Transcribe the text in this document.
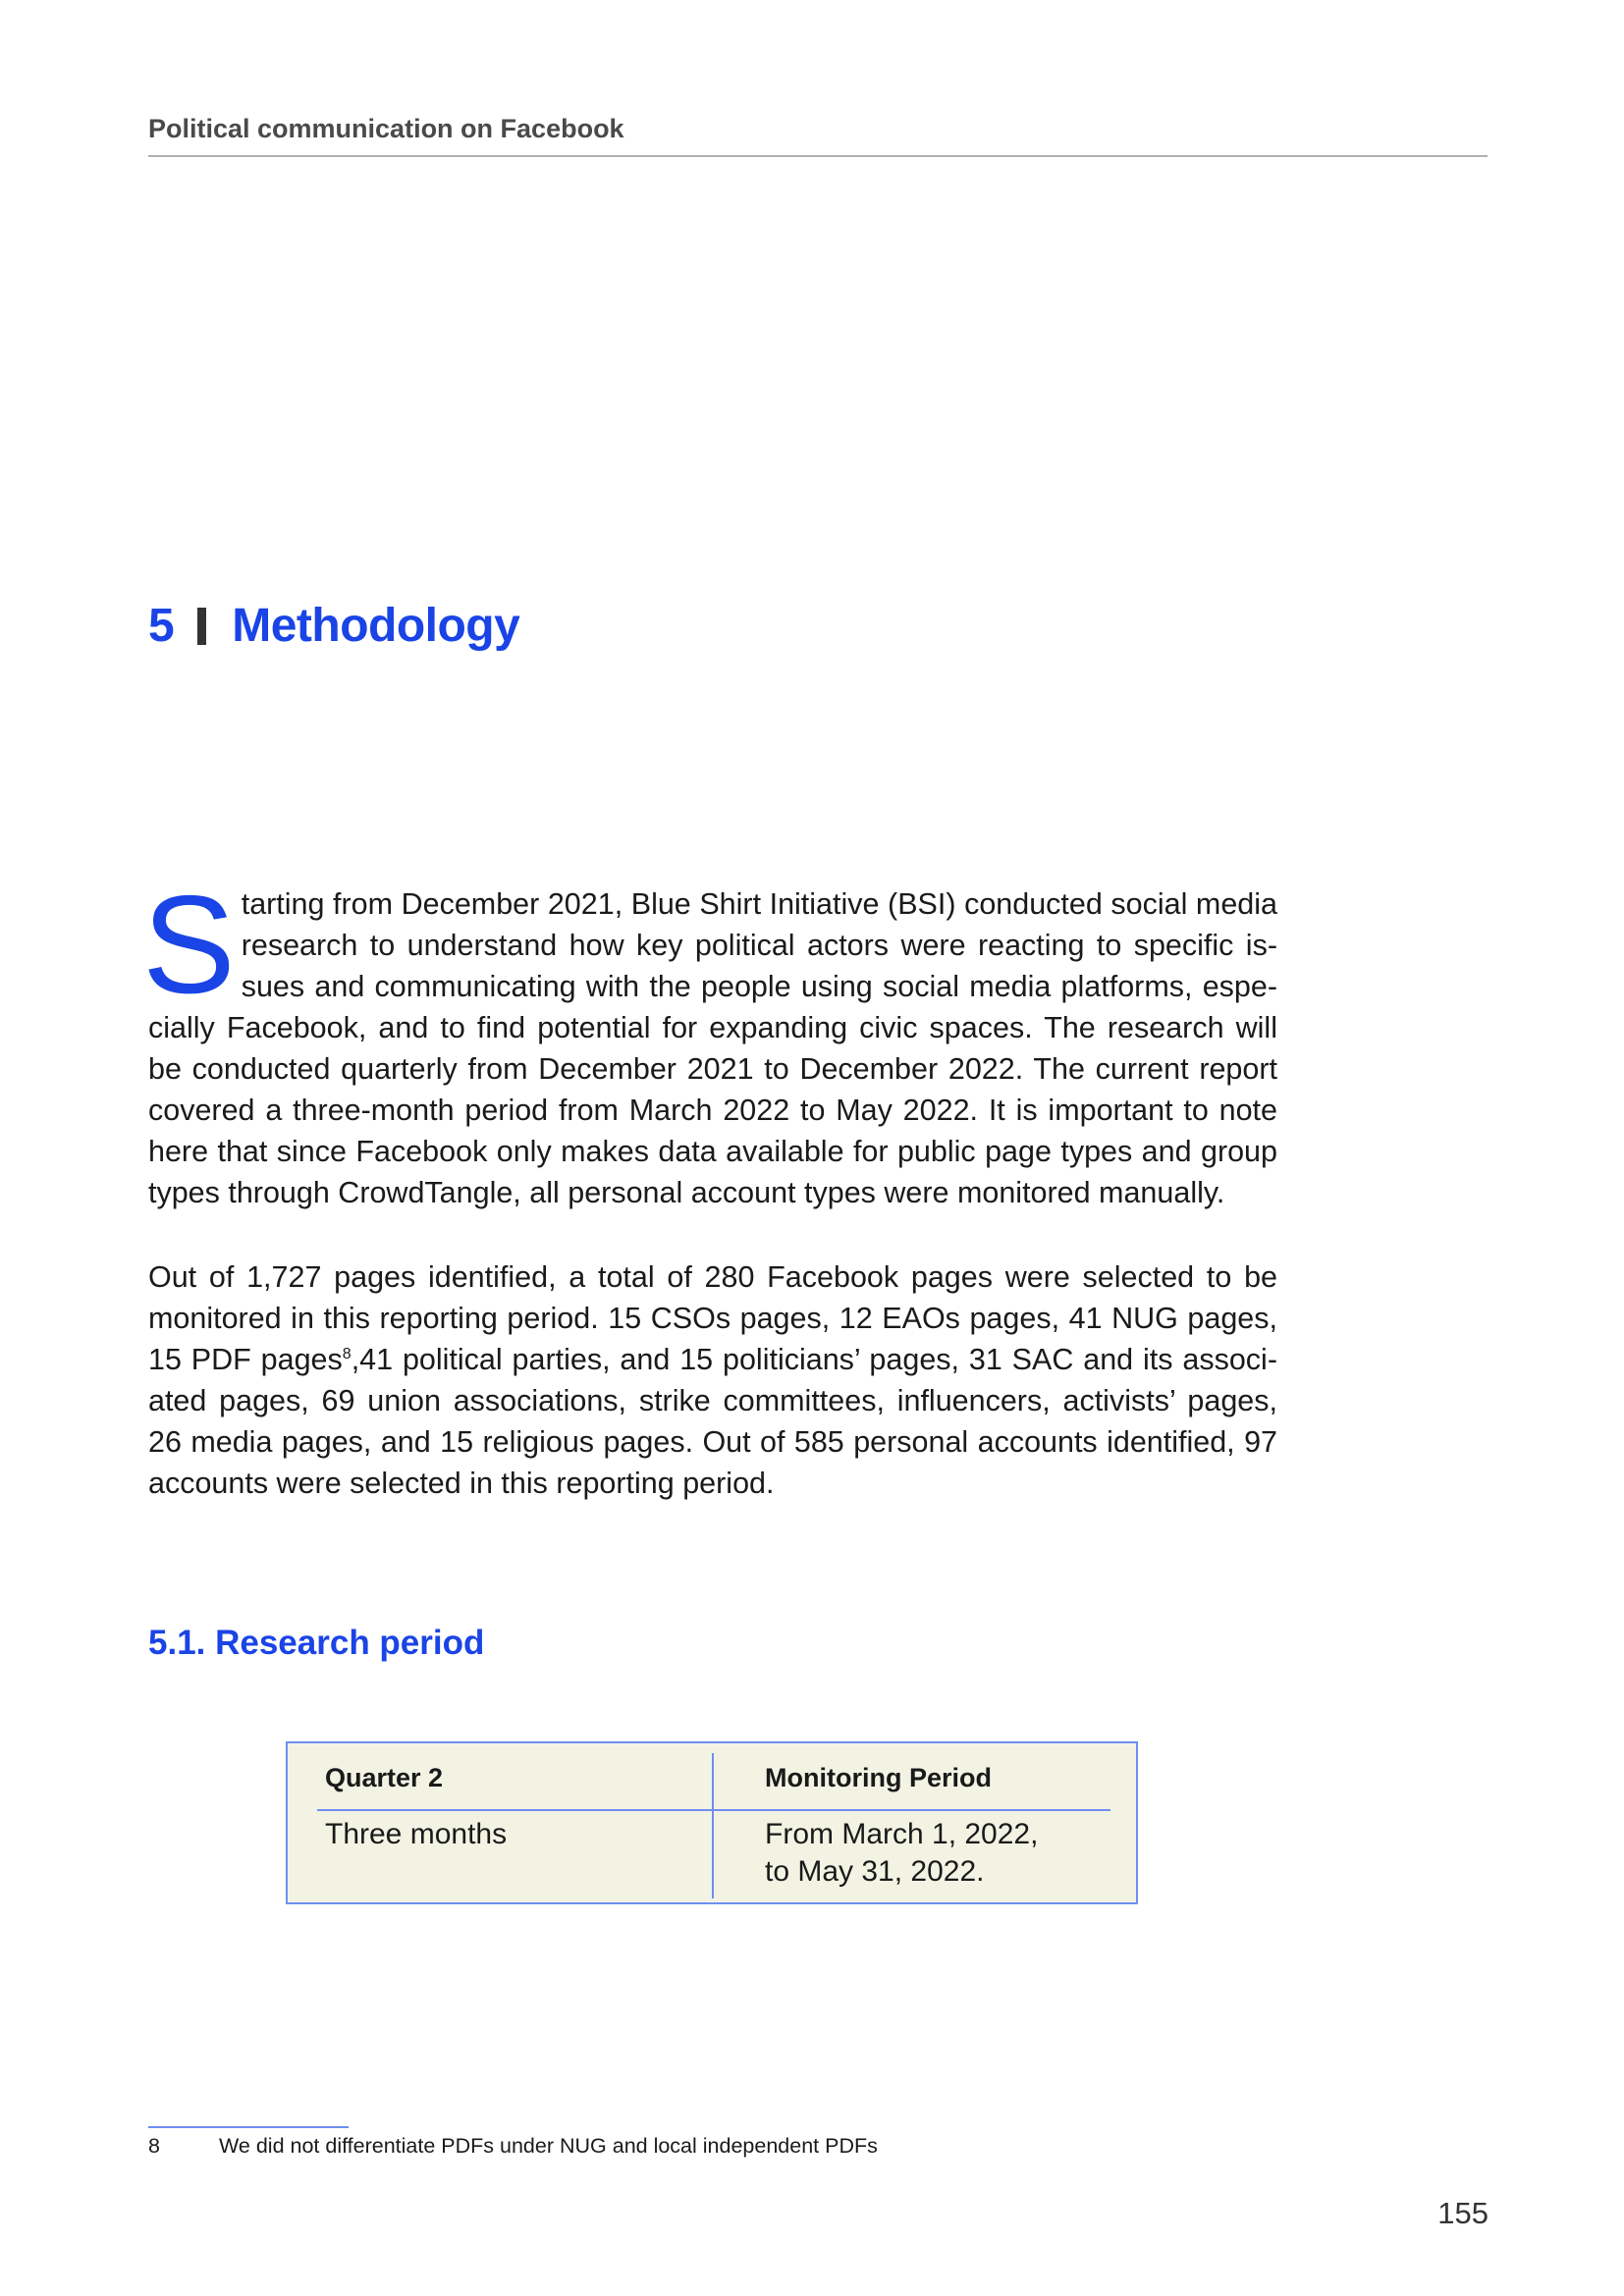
Political communication on Facebook
5 Methodology
S tarting from December 2021, Blue Shirt Initiative (BSI) conducted social media
research to understand how key political actors were reacting to specific is-
sues and communicating with the people using social media platforms, espe-
cially Facebook, and to find potential for expanding civic spaces. The research will
be conducted quarterly from December 2021 to December 2022. The current report
covered a three-month period from March 2022 to May 2022. It is important to note
here that since Facebook only makes data available for public page types and group
types through CrowdTangle, all personal account types were monitored manually.
Out of 1,727 pages identified, a total of 280 Facebook pages were selected to be
monitored in this reporting period. 15 CSOs pages, 12 EAOs pages, 41 NUG pages,
15 PDF pages$^8$,41 political parties, and 15 politicians’ pages, 31 SAC and its associ-
ated pages, 69 union associations, strike committees, influencers, activists’ pages,
26 media pages, and 15 religious pages. Out of 585 personal accounts identified, 97
accounts were selected in this reporting period.
5.1. Research period
Quarter 2	Monitoring Period
Three months	From March 1, 2022,
to May 31, 2022.
8	We did not differentiate PDFs under NUG and local independent PDFs
155
